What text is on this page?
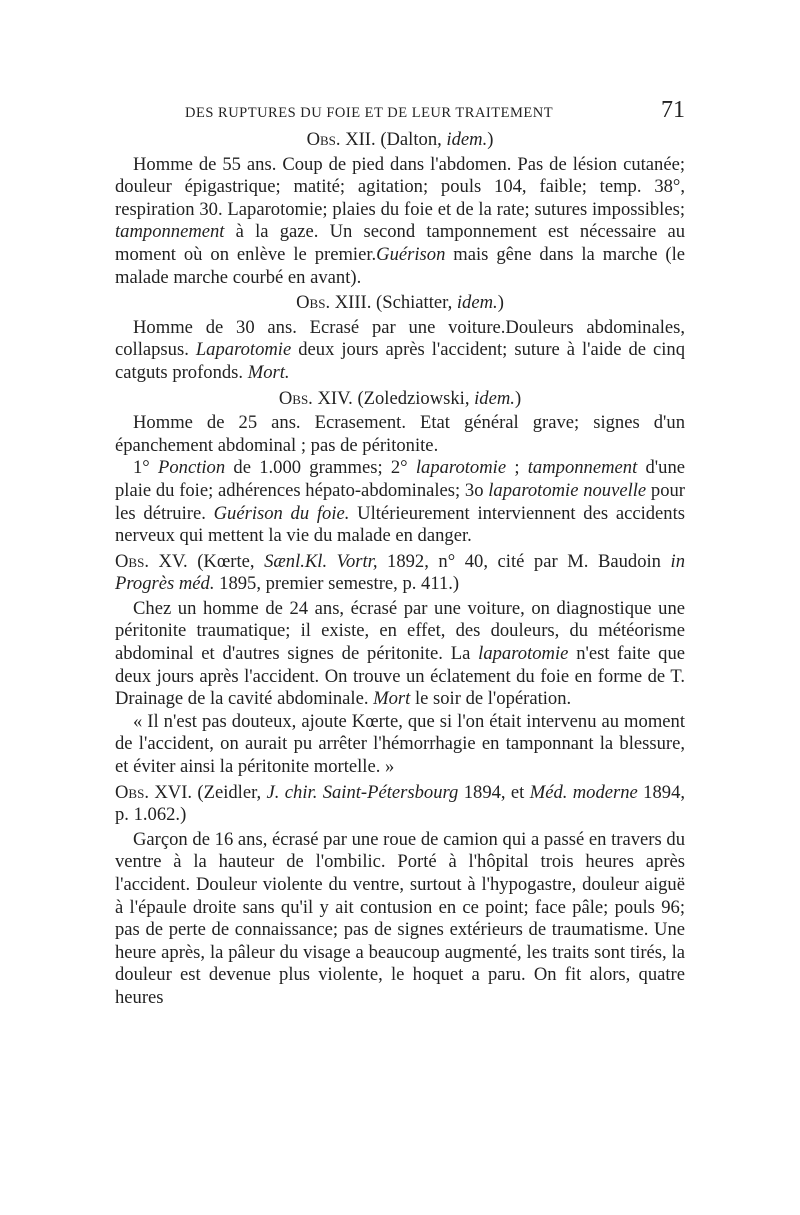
DES RUPTURES DU FOIE ET DE LEUR TRAITEMENT	71

Obs. XII. (Dalton, idem.)

Homme de 55 ans. Coup de pied dans l'abdomen. Pas de lésion cutanée; douleur épigastrique; matité; agitation; pouls 104, faible; temp. 38°, respiration 30. Laparotomie; plaies du foie et de la rate; sutures impossibles; tamponnement à la gaze. Un second tamponnement est nécessaire au moment où on enlève le premier.Guérison mais gêne dans la marche (le malade marche courbé en avant).

Obs. XIII. (Schiatter, idem.)

Homme de 30 ans. Ecrasé par une voiture.Douleurs abdominales, collapsus. Laparotomie deux jours après l'accident; suture à l'aide de cinq catguts profonds. Mort.

Obs. XIV. (Zoledziowski, idem.)

Homme de 25 ans. Ecrasement. Etat général grave; signes d'un épanchement abdominal ; pas de péritonite.

1° Ponction de 1.000 grammes; 2° laparotomie ; tamponnement d'une plaie du foie; adhérences hépato-abdominales; 3o laparotomie nouvelle pour les détruire. Guérison du foie. Ultérieurement interviennent des accidents nerveux qui mettent la vie du malade en danger.

Obs. XV. (Kœrte, Sænl.Kl. Vortr, 1892, n° 40, cité par M. Baudoin in Progrès méd. 1895, premier semestre, p. 411.)

Chez un homme de 24 ans, écrasé par une voiture, on diagnostique une péritonite traumatique; il existe, en effet, des douleurs, du météorisme abdominal et d'autres signes de péritonite. La laparotomie n'est faite que deux jours après l'accident. On trouve un éclatement du foie en forme de T. Drainage de la cavité abdominale. Mort le soir de l'opération.

« Il n'est pas douteux, ajoute Kœrte, que si l'on était intervenu au moment de l'accident, on aurait pu arrêter l'hémorrhagie en tamponnant la blessure, et éviter ainsi la péritonite mortelle. »

Obs. XVI. (Zeidler, J. chir. Saint-Pétersbourg 1894, et Méd. moderne 1894, p. 1.062.)

Garçon de 16 ans, écrasé par une roue de camion qui a passé en travers du ventre à la hauteur de l'ombilic. Porté à l'hôpital trois heures après l'accident. Douleur violente du ventre, surtout à l'hypogastre, douleur aiguë à l'épaule droite sans qu'il y ait contusion en ce point; face pâle; pouls 96; pas de perte de connaissance; pas de signes extérieurs de traumatisme. Une heure après, la pâleur du visage a beaucoup augmenté, les traits sont tirés, la douleur est devenue plus violente, le hoquet a paru. On fit alors, quatre heures
